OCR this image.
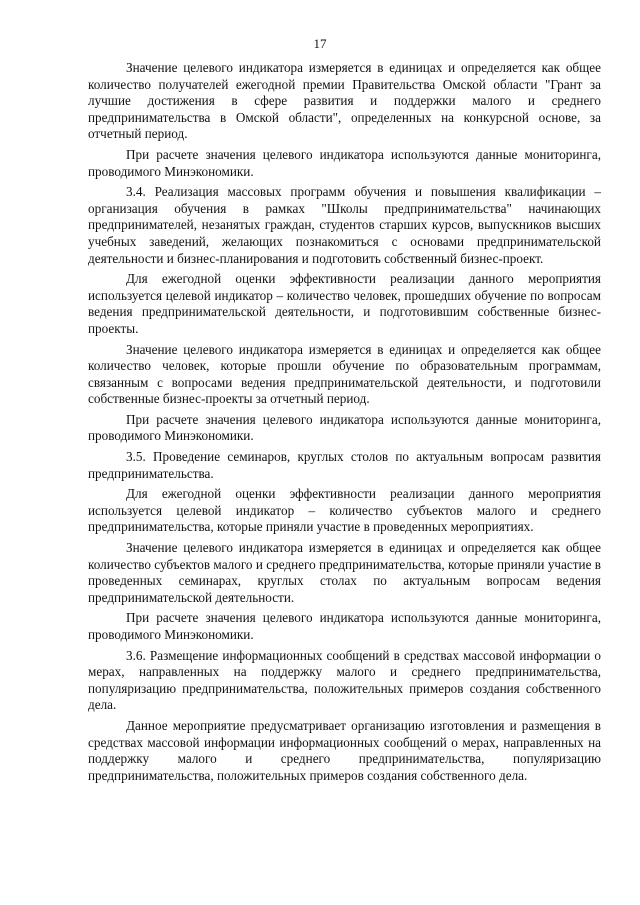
17

Значение целевого индикатора измеряется в единицах и определяется как общее количество получателей ежегодной премии Правительства Омской области "Грант за лучшие достижения в сфере развития и поддержки малого и среднего предпринимательства в Омской области", определенных на конкурсной основе, за отчетный период.

При расчете значения целевого индикатора используются данные мониторинга, проводимого Минэкономики.

3.4. Реализация массовых программ обучения и повышения квалификации – организация обучения в рамках "Школы предпринимательства" начинающих предпринимателей, незанятых граждан, студентов старших курсов, выпускников высших учебных заведений, желающих познакомиться с основами предпринимательской деятельности и бизнес-планирования и подготовить собственный бизнес-проект.

Для ежегодной оценки эффективности реализации данного мероприятия используется целевой индикатор – количество человек, прошедших обучение по вопросам ведения предпринимательской деятельности, и подготовившим собственные бизнес-проекты.

Значение целевого индикатора измеряется в единицах и определяется как общее количество человек, которые прошли обучение по образовательным программам, связанным с вопросами ведения предпринимательской деятельности, и подготовили собственные бизнес-проекты за отчетный период.

При расчете значения целевого индикатора используются данные мониторинга, проводимого Минэкономики.

3.5. Проведение семинаров, круглых столов по актуальным вопросам развития предпринимательства.

Для ежегодной оценки эффективности реализации данного мероприятия используется целевой индикатор – количество субъектов малого и среднего предпринимательства, которые приняли участие в проведенных мероприятиях.

Значение целевого индикатора измеряется в единицах и определяется как общее количество субъектов малого и среднего предпринимательства, которые приняли участие в проведенных семинарах, круглых столах по актуальным вопросам ведения предпринимательской деятельности.

При расчете значения целевого индикатора используются данные мониторинга, проводимого Минэкономики.

3.6. Размещение информационных сообщений в средствах массовой информации о мерах, направленных на поддержку малого и среднего предпринимательства, популяризацию предпринимательства, положительных примеров создания собственного дела.

Данное мероприятие предусматривает организацию изготовления и размещения в средствах массовой информации информационных сообщений о мерах, направленных на поддержку малого и среднего предпринимательства, популяризацию предпринимательства, положительных примеров создания собственного дела.
